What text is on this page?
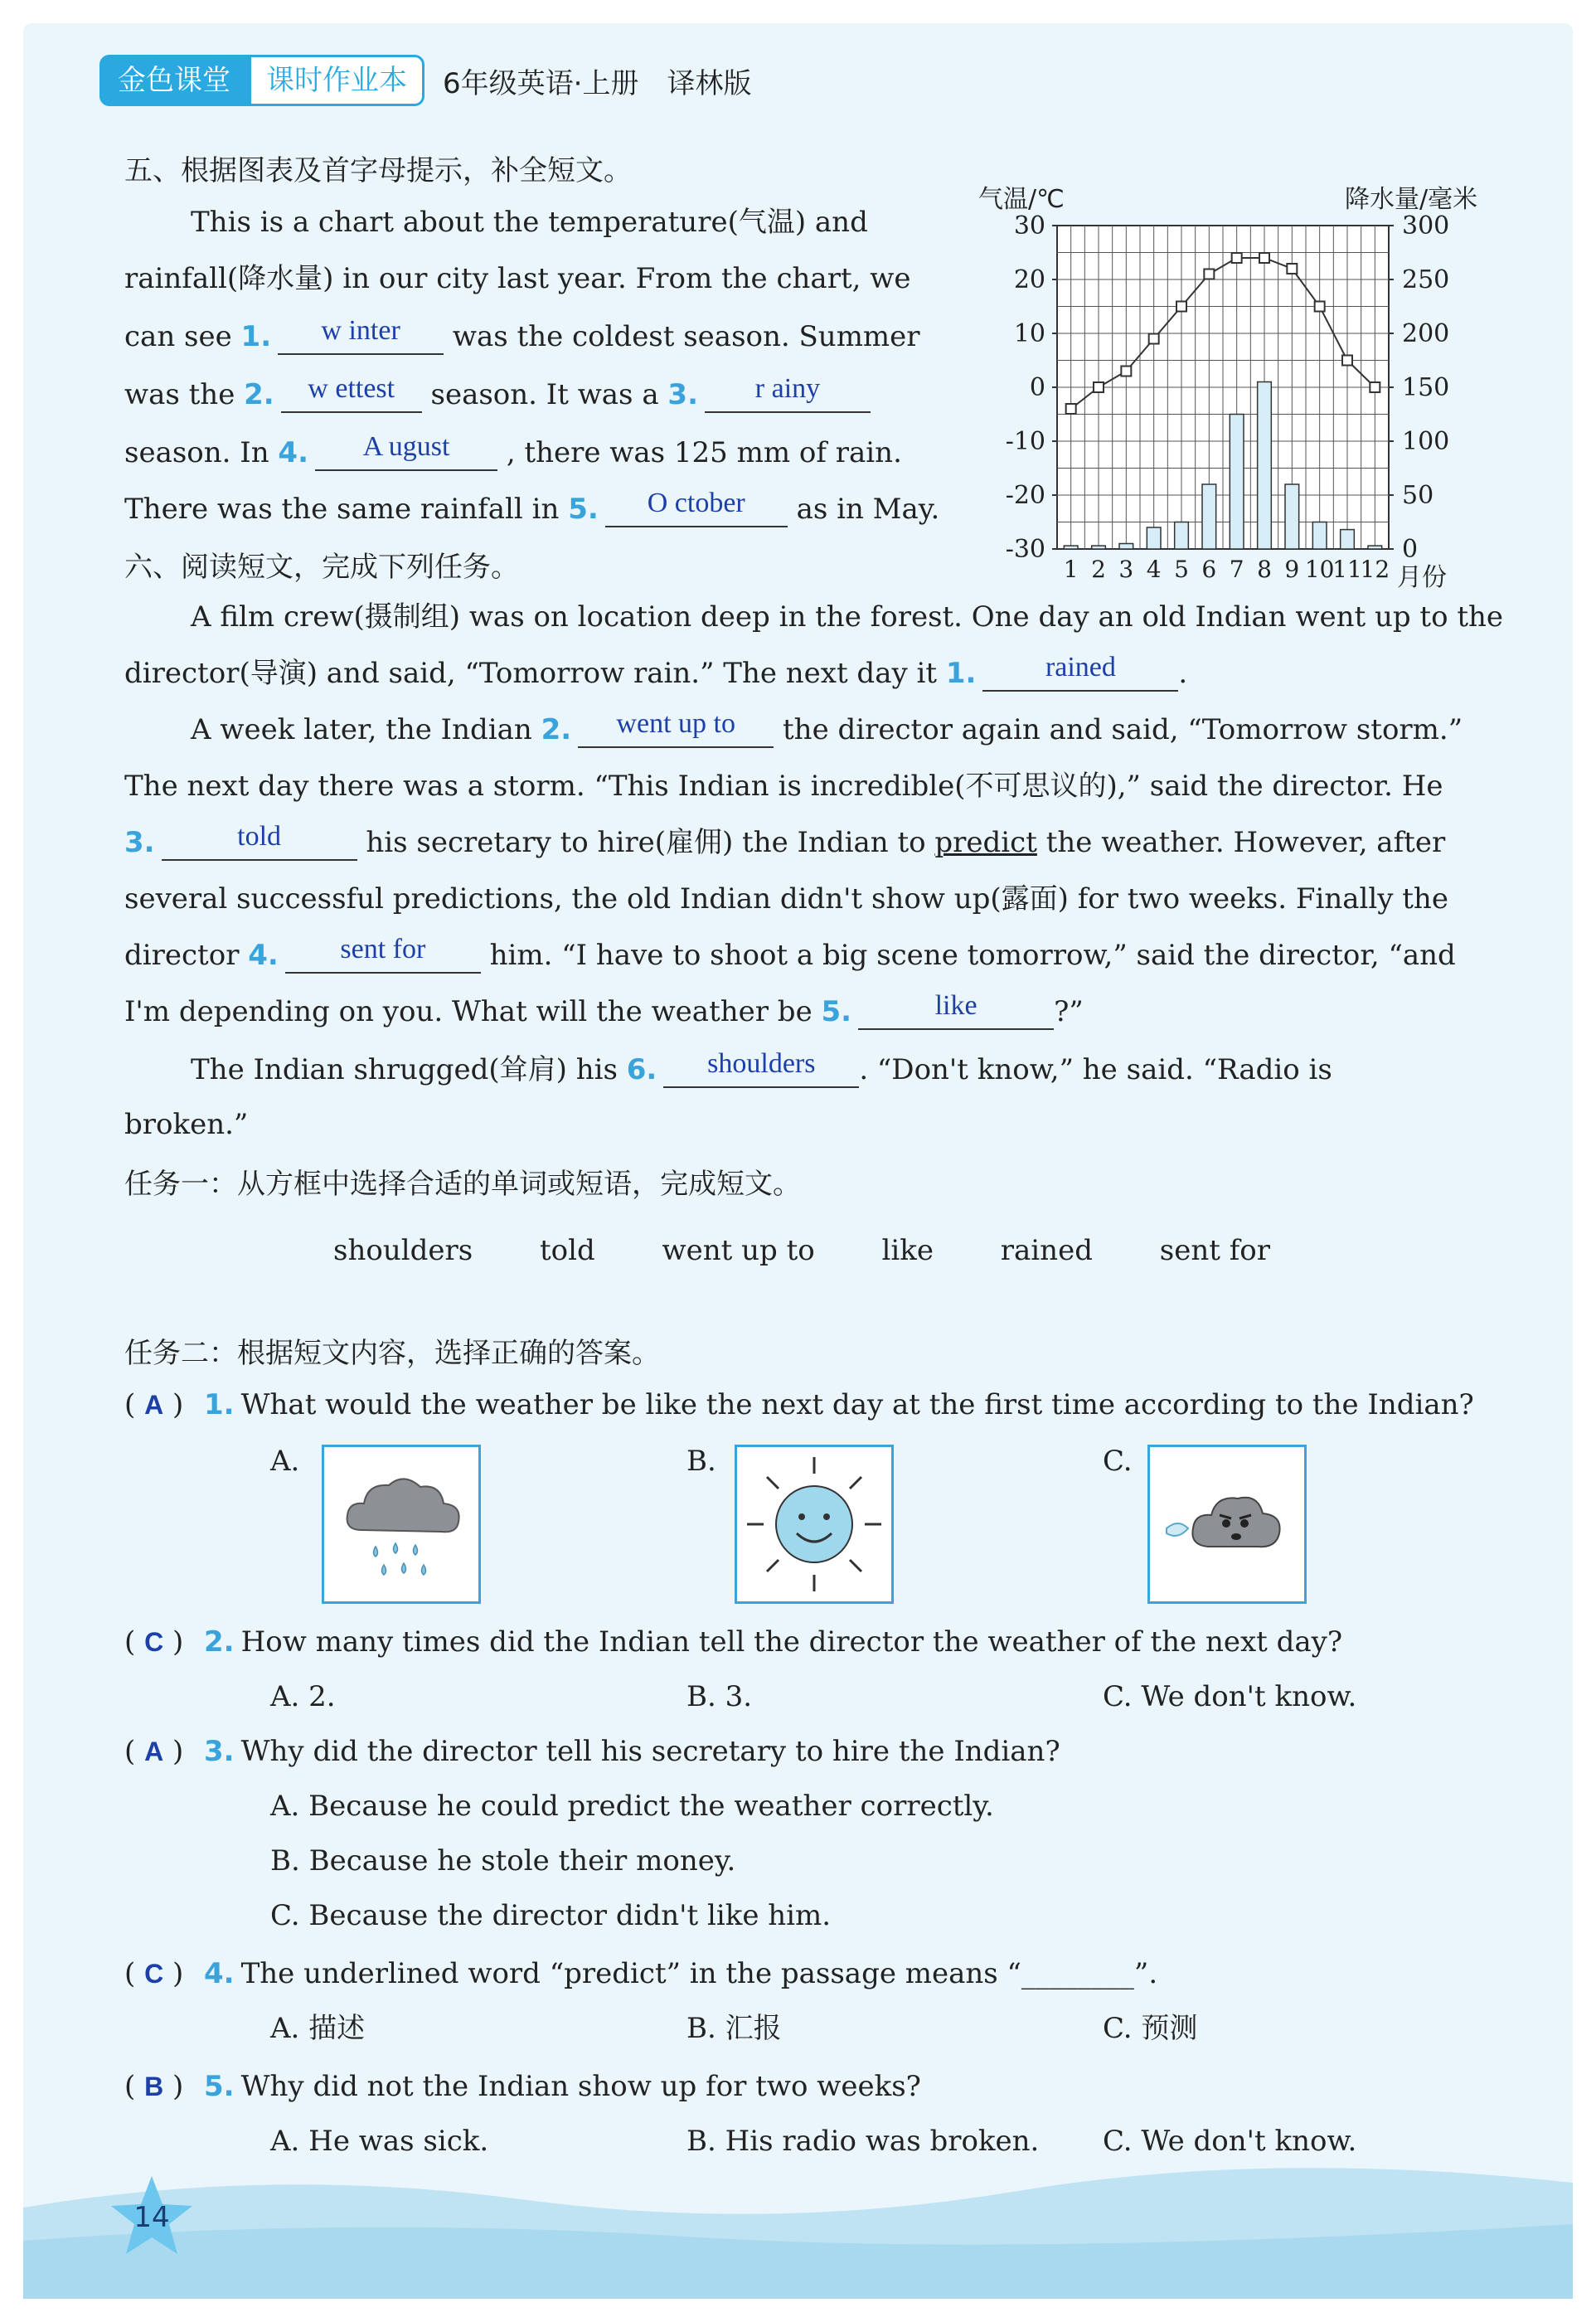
金色课堂	课时作业本	6年级英语·上册　译林版
五、根据图表及首字母提示，补全短文。
This is a chart about the temperature(气温) and
rainfall(降水量) in our city last year. From the chart, we
can see 1. w inter was the coldest season. Summer
was the 2. w ettest season. It was a 3. r ainy
season. In 4. A ugust , there was 125 mm of rain.
There was the same rainfall in 5. O ctober as in May.
气温/℃	降水量/毫米
30
20
10
0
-10
-20
-30
300
250
200
150
100
50
0
1 2 3 4 5 6 7 8 9 10
11
12 月份
六、阅读短文，完成下列任务。
A film crew(摄制组) was on location deep in the forest. One day an old Indian went up to the
director(导演) and said, “Tomorrow rain.” The next day it 1. rained .
A week later, the Indian 2. went up to the director again and said, “Tomorrow storm.”
The next day there was a storm. “This Indian is incredible(不可思议的),” said the director. He
3.	told	his secretary to hire(雇佣) the Indian to predict the weather. However, after
several successful predictions, the old Indian didn't show up(露面) for two weeks. Finally the
director 4. sent for him. “I have to shoot a big scene tomorrow,” said the director, “and
I'm depending on you. What will the weather be 5.	like	?”
The Indian shrugged(耸肩) his 6. shoulders . “Don't know,” he said. “Radio is
broken.”
任务一：从方框中选择合适的单词或短语，完成短文。
shoulders told went up to like rained sent for
任务二：根据短文内容，选择正确的答案。
( A ) 1. What would the weather be like the next day at the first time according to the Indian?
A.	B.	C.
( C ) 2. How many times did the Indian tell the director the weather of the next day?
A. 2.	B. 3.	C. We don't know.
( A ) 3. Why did the director tell his secretary to hire the Indian?
A. Because he could predict the weather correctly.
B. Because he stole their money.
C. Because the director didn't like him.
( C ) 4. The underlined word “predict” in the passage means “________”.
A. 描述	B. 汇报	C. 预测
( B ) 5. Why did not the Indian show up for two weeks?
A. He was sick.	B. His radio was broken. C. We don't know.
14
